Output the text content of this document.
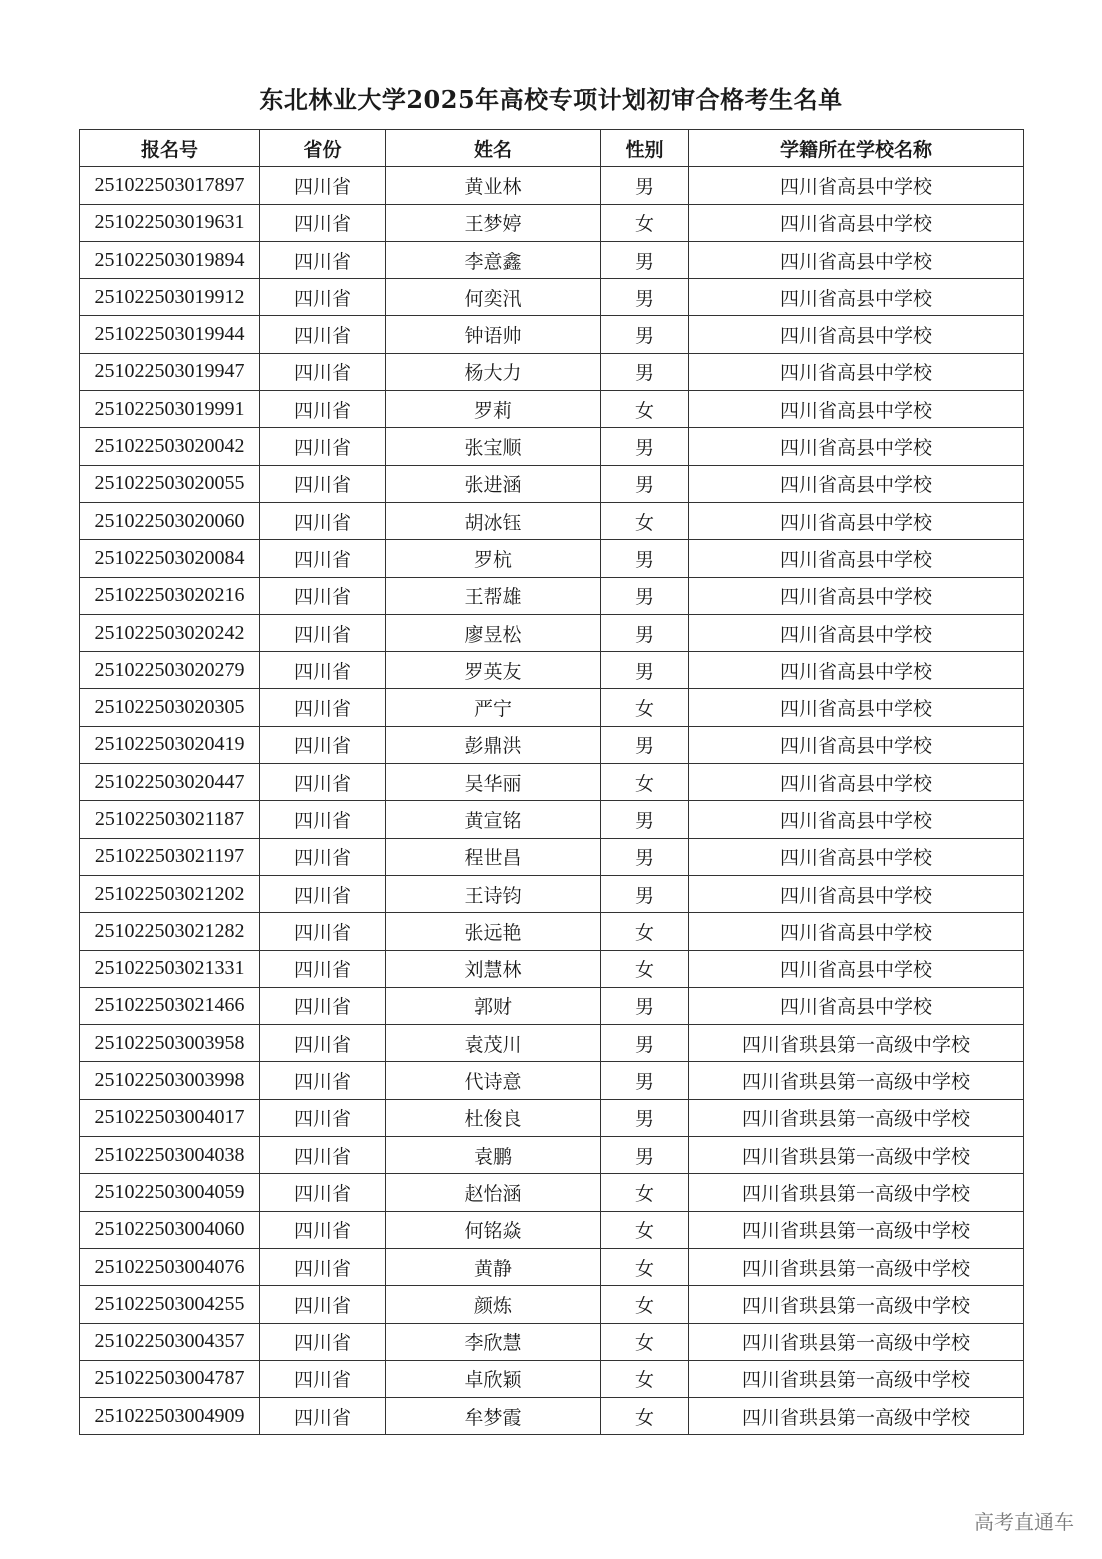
东北林业大学2025年高校专项计划初审合格考生名单
报名号	省份	姓名	性别	学籍所在学校名称
251022503017897	四川省	黄业林	男	四川省高县中学校
251022503019631	四川省	王梦婷	女	四川省高县中学校
251022503019894	四川省	李意鑫	男	四川省高县中学校
251022503019912	四川省	何奕汛	男	四川省高县中学校
251022503019944	四川省	钟语帅	男	四川省高县中学校
251022503019947	四川省	杨大力	男	四川省高县中学校
251022503019991	四川省	罗莉	女	四川省高县中学校
251022503020042	四川省	张宝顺	男	四川省高县中学校
251022503020055	四川省	张进涵	男	四川省高县中学校
251022503020060	四川省	胡冰钰	女	四川省高县中学校
251022503020084	四川省	罗杭	男	四川省高县中学校
251022503020216	四川省	王帮雄	男	四川省高县中学校
251022503020242	四川省	廖昱松	男	四川省高县中学校
251022503020279	四川省	罗英友	男	四川省高县中学校
251022503020305	四川省	严宁	女	四川省高县中学校
251022503020419	四川省	彭鼎洪	男	四川省高县中学校
251022503020447	四川省	吴华丽	女	四川省高县中学校
251022503021187	四川省	黄宣铭	男	四川省高县中学校
251022503021197	四川省	程世昌	男	四川省高县中学校
251022503021202	四川省	王诗钧	男	四川省高县中学校
251022503021282	四川省	张远艳	女	四川省高县中学校
251022503021331	四川省	刘慧林	女	四川省高县中学校
251022503021466	四川省	郭财	男	四川省高县中学校
251022503003958	四川省	袁茂川	男	四川省珙县第一高级中学校
251022503003998	四川省	代诗意	男	四川省珙县第一高级中学校
251022503004017	四川省	杜俊良	男	四川省珙县第一高级中学校
251022503004038	四川省	袁鹏	男	四川省珙县第一高级中学校
251022503004059	四川省	赵怡涵	女	四川省珙县第一高级中学校
251022503004060	四川省	何铭焱	女	四川省珙县第一高级中学校
251022503004076	四川省	黄静	女	四川省珙县第一高级中学校
251022503004255	四川省	颜炼	女	四川省珙县第一高级中学校
251022503004357	四川省	李欣慧	女	四川省珙县第一高级中学校
251022503004787	四川省	卓欣颖	女	四川省珙县第一高级中学校
251022503004909	四川省	牟梦霞	女	四川省珙县第一高级中学校
高考直通车
